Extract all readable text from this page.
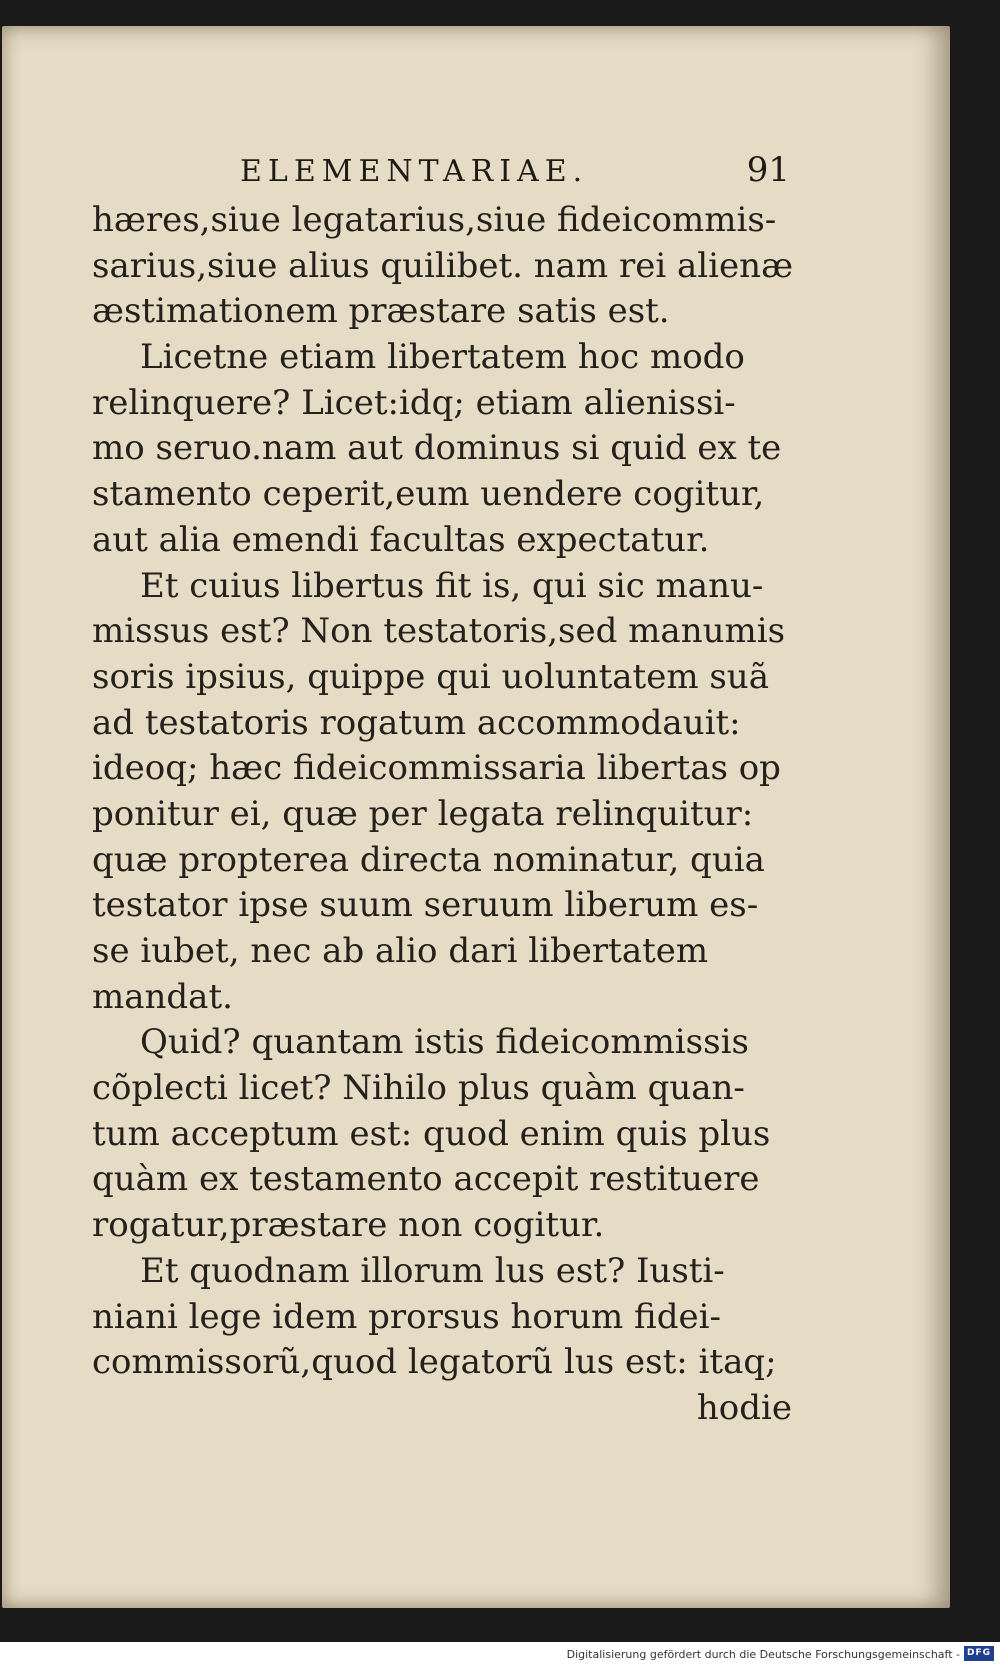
ELEMENTARIAE.	91
hæres,siue legatarius,siue fideicommis-
sarius,siue alius quilibet. nam rei alienæ
æstimationem præstare satis est.
Licetne etiam libertatem hoc modo
relinquere? Licet:idq; etiam alienissi-
mo seruo.nam aut dominus si quid ex te
stamento ceperit,eum uendere cogitur,
aut alia emendi facultas expectatur.
Et cuius libertus fit is, qui sic manu-
missus est? Non testatoris,sed manumis
soris ipsius, quippe qui uoluntatem suã
ad testatoris rogatum accommodauit:
ideoq; hæc fideicommissaria libertas op
ponitur ei, quæ per legata relinquitur:
quæ propterea directa nominatur, quia
testator ipse suum seruum liberum es-
se iubet, nec ab alio dari libertatem
mandat.
Quid? quantam istis fideicommissis
cõplecti licet? Nihilo plus quàm quan-
tum acceptum est: quod enim quis plus
quàm ex testamento accepit restituere
rogatur,præstare non cogitur.
Et quodnam illorum lus est? Iusti-
niani lege idem prorsus horum fidei-
commissorũ,quod legatorũ lus est: itaq;
hodie
Digitalisierung gefördert durch die Deutsche Forschungsgemeinschaft - DFG
